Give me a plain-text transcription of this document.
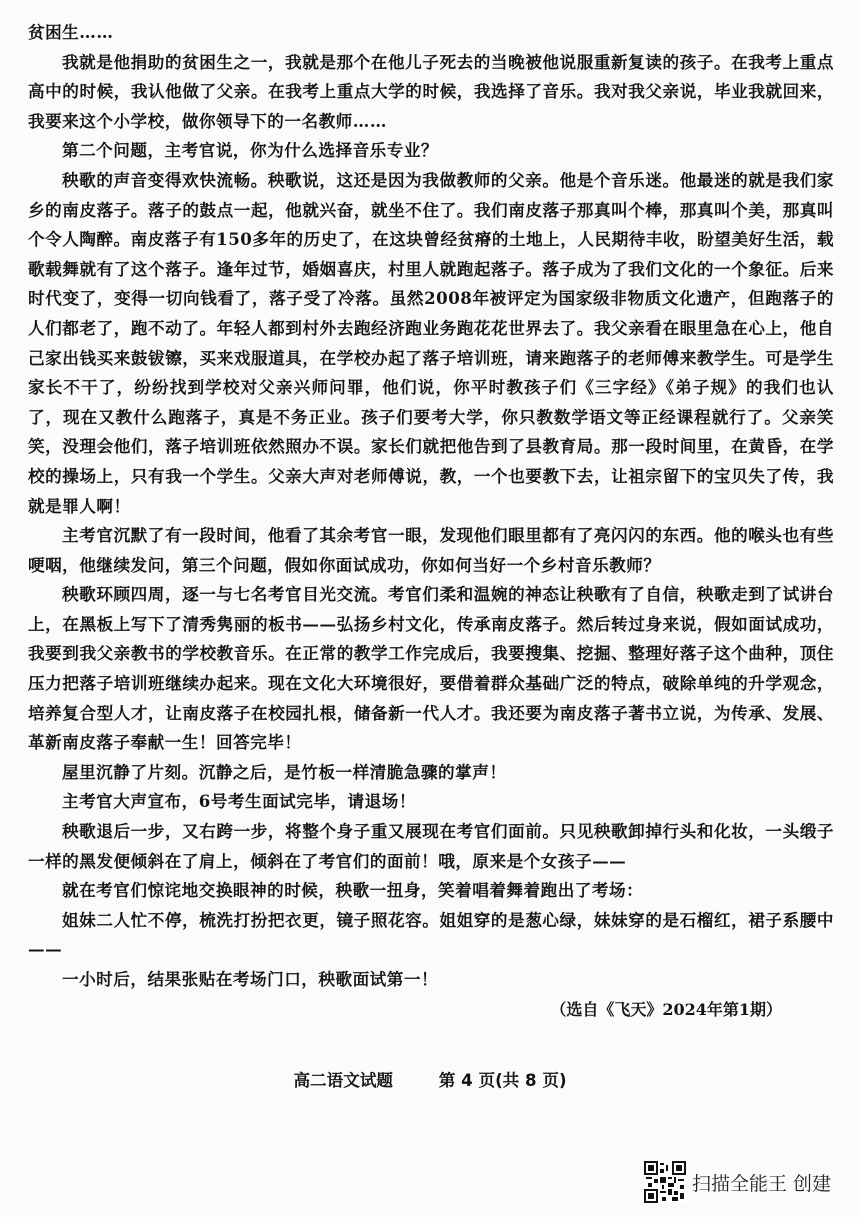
贫困生……

我就是他捐助的贫困生之一，我就是那个在他儿子死去的当晚被他说服重新复读的孩子。在我考上重点高中的时候，我认他做了父亲。在我考上重点大学的时候，我选择了音乐。我对我父亲说，毕业我就回来，我要来这个小学校，做你领导下的一名教师……

第二个问题，主考官说，你为什么选择音乐专业？

秧歌的声音变得欢快流畅。秧歌说，这还是因为我做教师的父亲。他是个音乐迷。他最迷的就是我们家乡的南皮落子。落子的鼓点一起，他就兴奋，就坐不住了。我们南皮落子那真叫个棒，那真叫个美，那真叫个令人陶醉。南皮落子有150多年的历史了，在这块曾经贫瘠的土地上，人民期待丰收，盼望美好生活，载歌载舞就有了这个落子。逢年过节，婚姻喜庆，村里人就跑起落子。落子成为了我们文化的一个象征。后来时代变了，变得一切向钱看了，落子受了冷落。虽然2008年被评定为国家级非物质文化遗产，但跑落子的人们都老了，跑不动了。年轻人都到村外去跑经济跑业务跑花花世界去了。我父亲看在眼里急在心上，他自己家出钱买来鼓钹镲，买来戏服道具，在学校办起了落子培训班，请来跑落子的老师傅来教学生。可是学生家长不干了，纷纷找到学校对父亲兴师问罪，他们说，你平时教孩子们《三字经》《弟子规》的我们也认了，现在又教什么跑落子，真是不务正业。孩子们要考大学，你只教数学语文等正经课程就行了。父亲笑笑，没理会他们，落子培训班依然照办不误。家长们就把他告到了县教育局。那一段时间里，在黄昏，在学校的操场上，只有我一个学生。父亲大声对老师傅说，教，一个也要教下去，让祖宗留下的宝贝失了传，我就是罪人啊！

主考官沉默了有一段时间，他看了其余考官一眼，发现他们眼里都有了亮闪闪的东西。他的喉头也有些哽咽，他继续发问，第三个问题，假如你面试成功，你如何当好一个乡村音乐教师？

秧歌环顾四周，逐一与七名考官目光交流。考官们柔和温婉的神态让秧歌有了自信，秧歌走到了试讲台上，在黑板上写下了清秀隽丽的板书——弘扬乡村文化，传承南皮落子。然后转过身来说，假如面试成功，我要到我父亲教书的学校教音乐。在正常的教学工作完成后，我要搜集、挖掘、整理好落子这个曲种，顶住压力把落子培训班继续办起来。现在文化大环境很好，要借着群众基础广泛的特点，破除单纯的升学观念，培养复合型人才，让南皮落子在校园扎根，储备新一代人才。我还要为南皮落子著书立说，为传承、发展、革新南皮落子奉献一生！回答完毕！

屋里沉静了片刻。沉静之后，是竹板一样清脆急骤的掌声！

主考官大声宣布，6号考生面试完毕，请退场！

秧歌退后一步，又右跨一步，将整个身子重又展现在考官们面前。只见秧歌卸掉行头和化妆，一头缎子一样的黑发便倾斜在了肩上，倾斜在了考官们的面前！哦，原来是个女孩子——

就在考官们惊诧地交换眼神的时候，秧歌一扭身，笑着唱着舞着跑出了考场：

姐妹二人忙不停，梳洗打扮把衣更，镜子照花容。姐姐穿的是葱心绿，妹妹穿的是石榴红，裙子系腰中——

一小时后，结果张贴在考场门口，秧歌面试第一！

（选自《飞天》2024年第1期）

高二语文试题	第 4 页(共 8 页)
扫描全能王 创建
